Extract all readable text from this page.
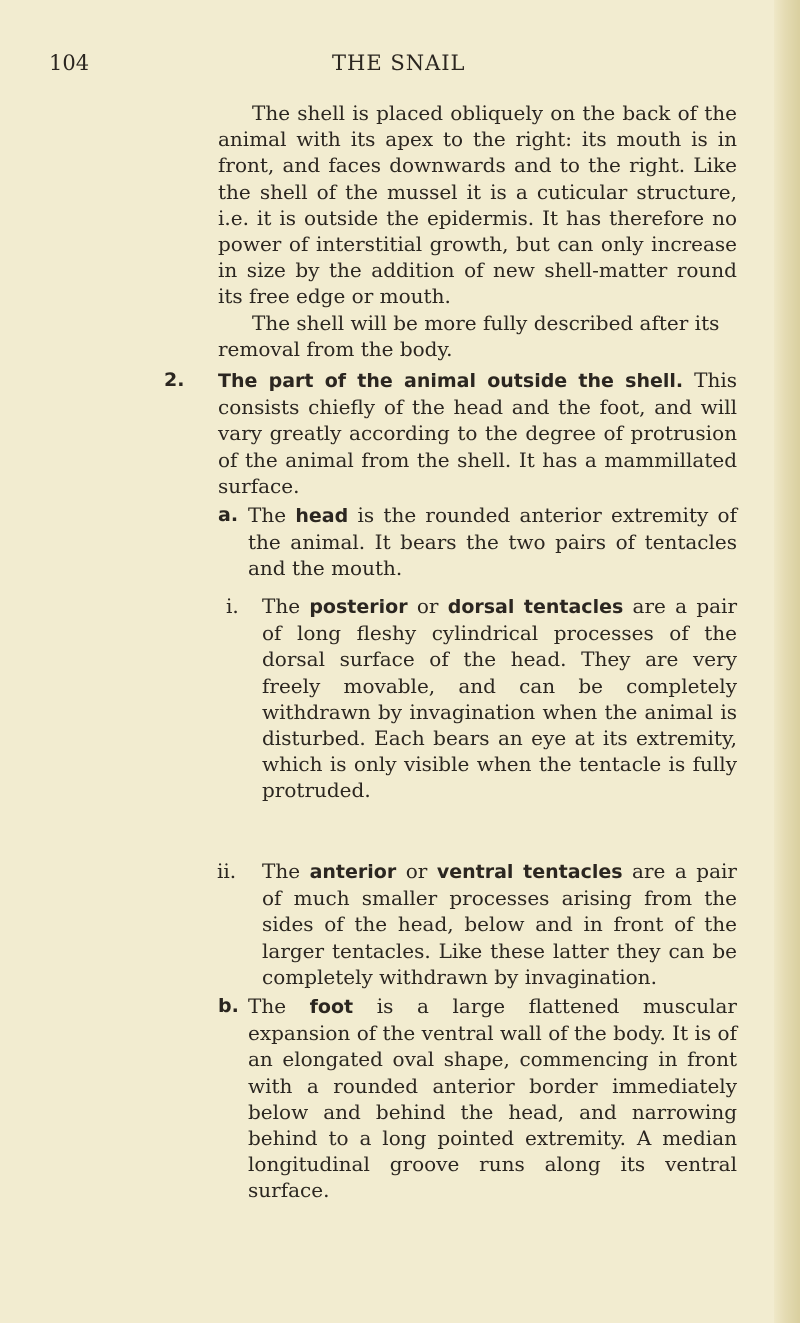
104	THE SNAIL
The shell is placed obliquely on the back of the animal with its apex to the right: its mouth is in front, and faces downwards and to the right. Like the shell of the mussel it is a cuticular structure, i.e. it is outside the epidermis. It has therefore no power of interstitial growth, but can only increase in size by the addition of new shell-matter round its free edge or mouth.
The shell will be more fully described after its removal from the body.
2. The part of the animal outside the shell. This consists chiefly of the head and the foot, and will vary greatly according to the degree of protrusion of the animal from the shell. It has a mammillated surface.
a. The head is the rounded anterior extremity of the animal. It bears the two pairs of tentacles and the mouth.
i. The posterior or dorsal tentacles are a pair of long fleshy cylindrical processes of the dorsal surface of the head. They are very freely movable, and can be completely withdrawn by invagination when the animal is disturbed. Each bears an eye at its extremity, which is only visible when the tentacle is fully protruded.
ii. The anterior or ventral tentacles are a pair of much smaller processes arising from the sides of the head, below and in front of the larger tentacles. Like these latter they can be completely withdrawn by invagination.
b. The foot is a large flattened muscular expansion of the ventral wall of the body. It is of an elongated oval shape, commencing in front with a rounded anterior border immediately below and behind the head, and narrowing behind to a long pointed extremity. A median longitudinal groove runs along its ventral surface.
